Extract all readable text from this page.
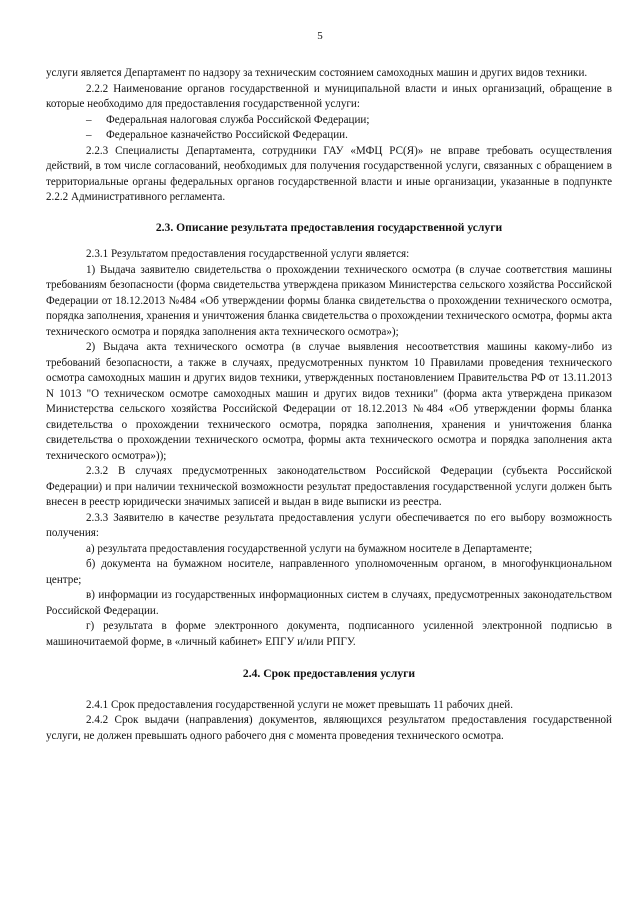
5

услуги является Департамент по надзору за техническим состоянием самоходных машин и других видов техники.

2.2.2 Наименование органов государственной и муниципальной власти и иных организаций, обращение в которые необходимо для предоставления государственной услуги:

– Федеральная налоговая служба Российской Федерации;

– Федеральное казначейство Российской Федерации.

2.2.3 Специалисты Департамента, сотрудники ГАУ «МФЦ РС(Я)» не вправе требовать осуществления действий, в том числе согласований, необходимых для получения государственной услуги, связанных с обращением в территориальные органы федеральных органов государственной власти и иные организации, указанные в подпункте 2.2.2 Административного регламента.

2.3. Описание результата предоставления государственной услуги

2.3.1 Результатом предоставления государственной услуги является:

1) Выдача заявителю свидетельства о прохождении технического осмотра (в случае соответствия машины требованиям безопасности (форма свидетельства утверждена приказом Министерства сельского хозяйства Российской Федерации от 18.12.2013 №484 «Об утверждении формы бланка свидетельства о прохождении технического осмотра, порядка заполнения, хранения и уничтожения бланка свидетельства о прохождении технического осмотра, формы акта технического осмотра и порядка заполнения акта технического осмотра»);

2) Выдача акта технического осмотра (в случае выявления несоответствия машины какому-либо из требований безопасности, а также в случаях, предусмотренных пунктом 10 Правилами проведения технического осмотра самоходных машин и других видов техники, утвержденных постановлением Правительства РФ от 13.11.2013 N 1013 "О техническом осмотре самоходных машин и других видов техники" (форма акта утверждена приказом Министерства сельского хозяйства Российской Федерации от 18.12.2013 №484 «Об утверждении формы бланка свидетельства о прохождении технического осмотра, порядка заполнения, хранения и уничтожения бланка свидетельства о прохождении технического осмотра, формы акта технического осмотра и порядка заполнения акта технического осмотра»));

2.3.2 В случаях предусмотренных законодательством Российской Федерации (субъекта Российской Федерации) и при наличии технической возможности результат предоставления государственной услуги должен быть внесен в реестр юридически значимых записей и выдан в виде выписки из реестра.

2.3.3 Заявителю в качестве результата предоставления услуги обеспечивается по его выбору возможность получения:

а) результата предоставления государственной услуги на бумажном носителе в Департаменте;

б) документа на бумажном носителе, направленного уполномоченным органом, в многофункциональном центре;

в) информации из государственных информационных систем в случаях, предусмотренных законодательством Российской Федерации.

г) результата в форме электронного документа, подписанного усиленной электронной подписью в машиночитаемой форме, в «личный кабинет» ЕПГУ и/или РПГУ.

2.4. Срок предоставления услуги

2.4.1 Срок предоставления государственной услуги не может превышать 11 рабочих дней.

2.4.2 Срок выдачи (направления) документов, являющихся результатом предоставления государственной услуги, не должен превышать одного рабочего дня с момента проведения технического осмотра.
